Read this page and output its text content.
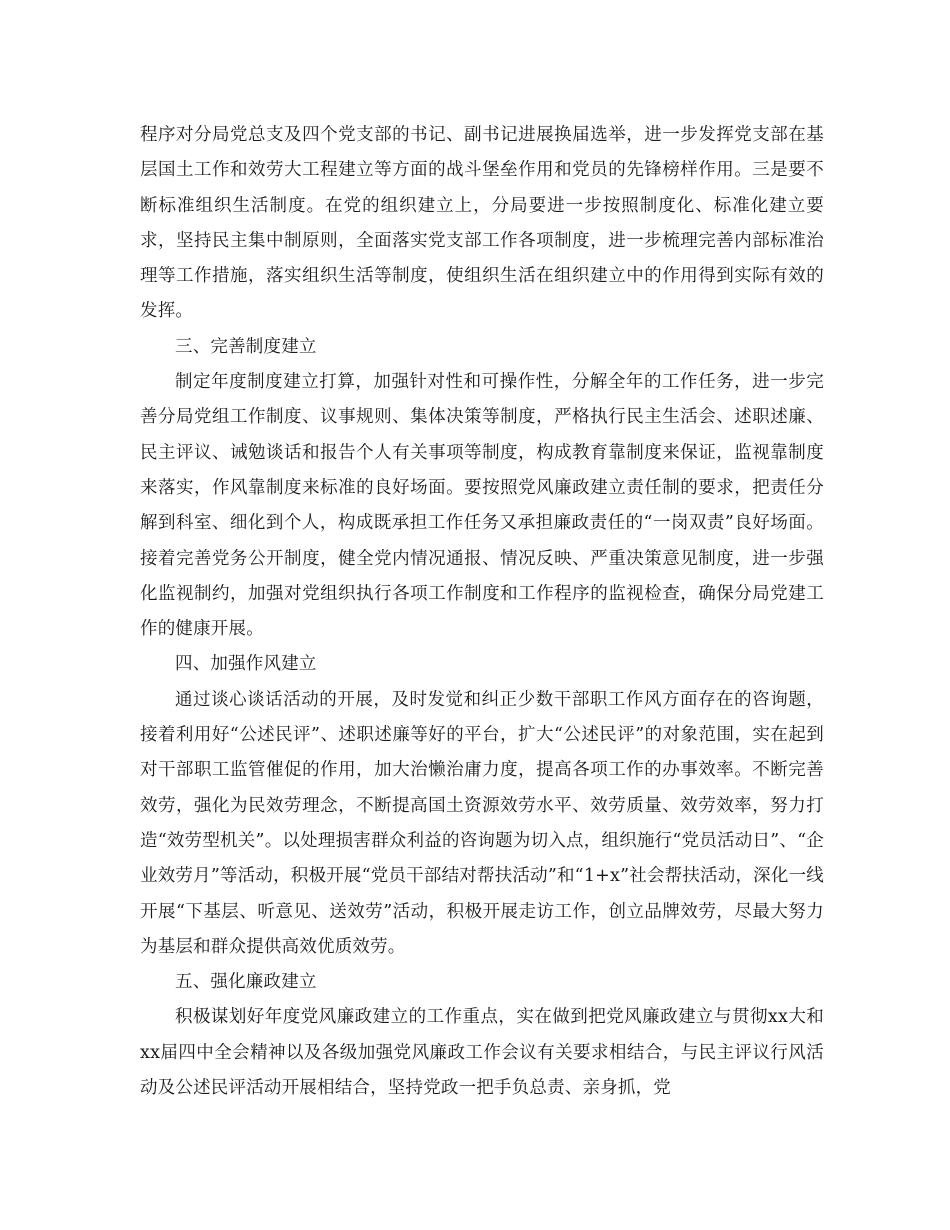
程序对分局党总支及四个党支部的书记、副书记进展换届选举，进一步发挥党支部在基层国土工作和效劳大工程建立等方面的战斗堡垒作用和党员的先锋榜样作用。三是要不断标准组织生活制度。在党的组织建立上，分局要进一步按照制度化、标准化建立要求，坚持民主集中制原则，全面落实党支部工作各项制度，进一步梳理完善内部标准治理等工作措施，落实组织生活等制度，使组织生活在组织建立中的作用得到实际有效的发挥。

三、完善制度建立

制定年度制度建立打算，加强针对性和可操作性，分解全年的工作任务，进一步完善分局党组工作制度、议事规则、集体决策等制度，严格执行民主生活会、述职述廉、民主评议、诫勉谈话和报告个人有关事项等制度，构成教育靠制度来保证，监视靠制度来落实，作风靠制度来标准的良好场面。要按照党风廉政建立责任制的要求，把责任分解到科室、细化到个人，构成既承担工作任务又承担廉政责任的“一岗双责”良好场面。接着完善党务公开制度，健全党内情况通报、情况反映、严重决策意见制度，进一步强化监视制约，加强对党组织执行各项工作制度和工作程序的监视检查，确保分局党建工作的健康开展。

四、加强作风建立

通过谈心谈话活动的开展，及时发觉和纠正少数干部职工作风方面存在的咨询题，接着利用好“公述民评”、述职述廉等好的平台，扩大“公述民评”的对象范围，实在起到对干部职工监管催促的作用，加大治懒治庸力度，提高各项工作的办事效率。不断完善效劳，强化为民效劳理念，不断提高国土资源效劳水平、效劳质量、效劳效率，努力打造“效劳型机关”。以处理损害群众利益的咨询题为切入点，组织施行“党员活动日”、“企业效劳月”等活动，积极开展“党员干部结对帮扶活动”和“1+x”社会帮扶活动，深化一线开展“下基层、听意见、送效劳”活动，积极开展走访工作，创立品牌效劳，尽最大努力为基层和群众提供高效优质效劳。

五、强化廉政建立

积极谋划好年度党风廉政建立的工作重点，实在做到把党风廉政建立与贯彻xx大和xx届四中全会精神以及各级加强党风廉政工作会议有关要求相结合，与民主评议行风活动及公述民评活动开展相结合，坚持党政一把手负总责、亲身抓，党
